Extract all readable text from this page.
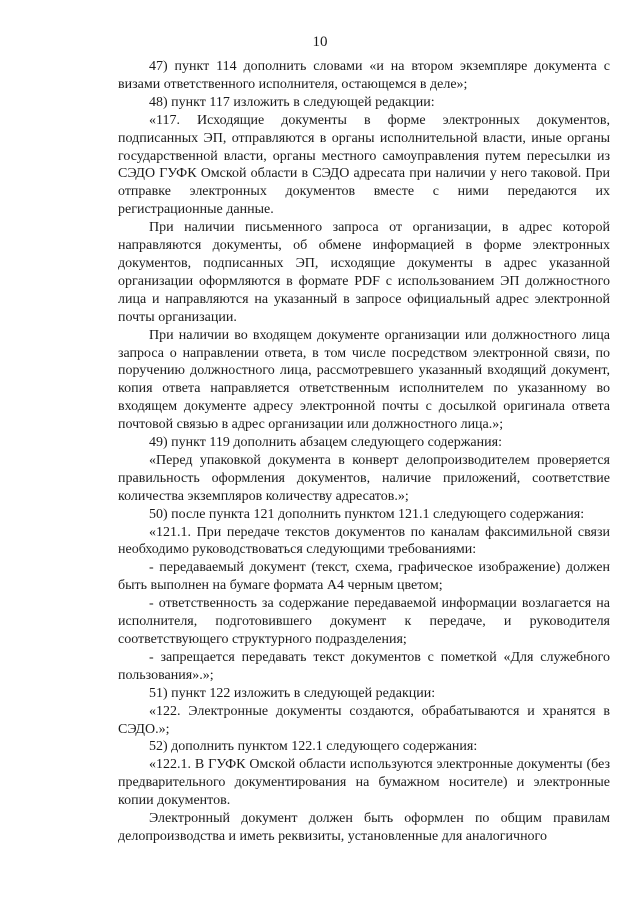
10

47) пункт 114 дополнить словами «и на втором экземпляре документа с визами ответственного исполнителя, остающемся в деле»;

48) пункт 117 изложить в следующей редакции:

«117. Исходящие документы в форме электронных документов, подписанных ЭП, отправляются в органы исполнительной власти, иные органы государственной власти, органы местного самоуправления путем пересылки из СЭДО ГУФК Омской области в СЭДО адресата при наличии у него таковой. При отправке электронных документов вместе с ними передаются их регистрационные данные.

При наличии письменного запроса от организации, в адрес которой направляются документы, об обмене информацией в форме электронных документов, подписанных ЭП, исходящие документы в адрес указанной организации оформляются в формате PDF с использованием ЭП должностного лица и направляются на указанный в запросе официальный адрес электронной почты организации.

При наличии во входящем документе организации или должностного лица запроса о направлении ответа, в том числе посредством электронной связи, по поручению должностного лица, рассмотревшего указанный входящий документ, копия ответа направляется ответственным исполнителем по указанному во входящем документе адресу электронной почты с досылкой оригинала ответа почтовой связью в адрес организации или должностного лица.»;

49) пункт 119 дополнить абзацем следующего содержания:

«Перед упаковкой документа в конверт делопроизводителем проверяется правильность оформления документов, наличие приложений, соответствие количества экземпляров количеству адресатов.»;

50) после пункта 121 дополнить пунктом 121.1 следующего содержания:

«121.1. При передаче текстов документов по каналам факсимильной связи необходимо руководствоваться следующими требованиями:

- передаваемый документ (текст, схема, графическое изображение) должен быть выполнен на бумаге формата А4 черным цветом;

- ответственность за содержание передаваемой информации возлагается на исполнителя, подготовившего документ к передаче, и руководителя соответствующего структурного подразделения;

- запрещается передавать текст документов с пометкой «Для служебного пользования».»;

51) пункт 122 изложить в следующей редакции:

«122. Электронные документы создаются, обрабатываются и хранятся в СЭДО.»;

52) дополнить пунктом 122.1 следующего содержания:

«122.1. В ГУФК Омской области используются электронные документы (без предварительного документирования на бумажном носителе) и электронные копии документов.

Электронный документ должен быть оформлен по общим правилам делопроизводства и иметь реквизиты, установленные для аналогичного
